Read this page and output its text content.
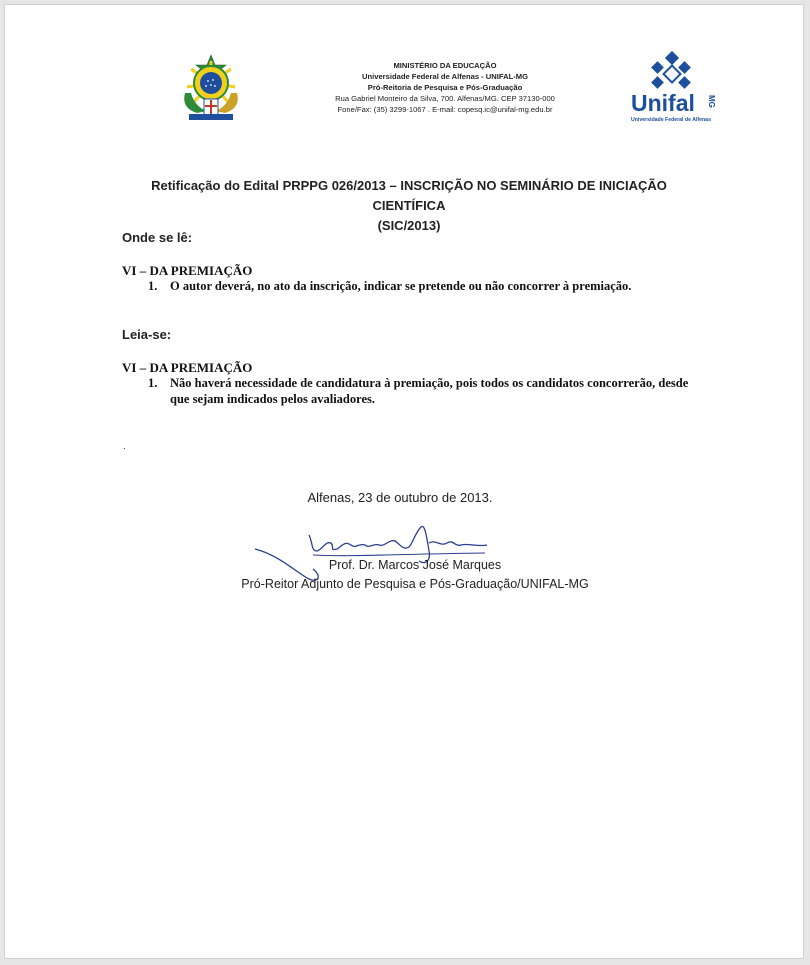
MINISTÉRIO DA EDUCAÇÃO
Universidade Federal de Alfenas - UNIFAL-MG
Pró-Reitoria de Pesquisa e Pós-Graduação
Rua Gabriel Monteiro da Silva, 700. Alfenas/MG. CEP 37130-000
Fone/Fax: (35) 3299-1067 . E-mail: copesq.ic@unifal-mg.edu.br	Unifal MG
Universidade Federal de Alfenas
Retificação do Edital PRPPG 026/2013 – INSCRIÇÃO NO SEMINÁRIO DE INICIAÇÃO CIENTÍFICA
(SIC/2013)
Onde se lê:
VI – DA PREMIAÇÃO
1. O autor deverá, no ato da inscrição, indicar se pretende ou não concorrer à premiação.
Leia-se:
VI – DA PREMIAÇÃO
1. Não haverá necessidade de candidatura à premiação, pois todos os candidatos concorrerão, desde que sejam indicados pelos avaliadores.
.
Alfenas, 23 de outubro de 2013.
Prof. Dr. Marcos José Marques
Pró-Reitor Adjunto de Pesquisa e Pós-Graduação/UNIFAL-MG
